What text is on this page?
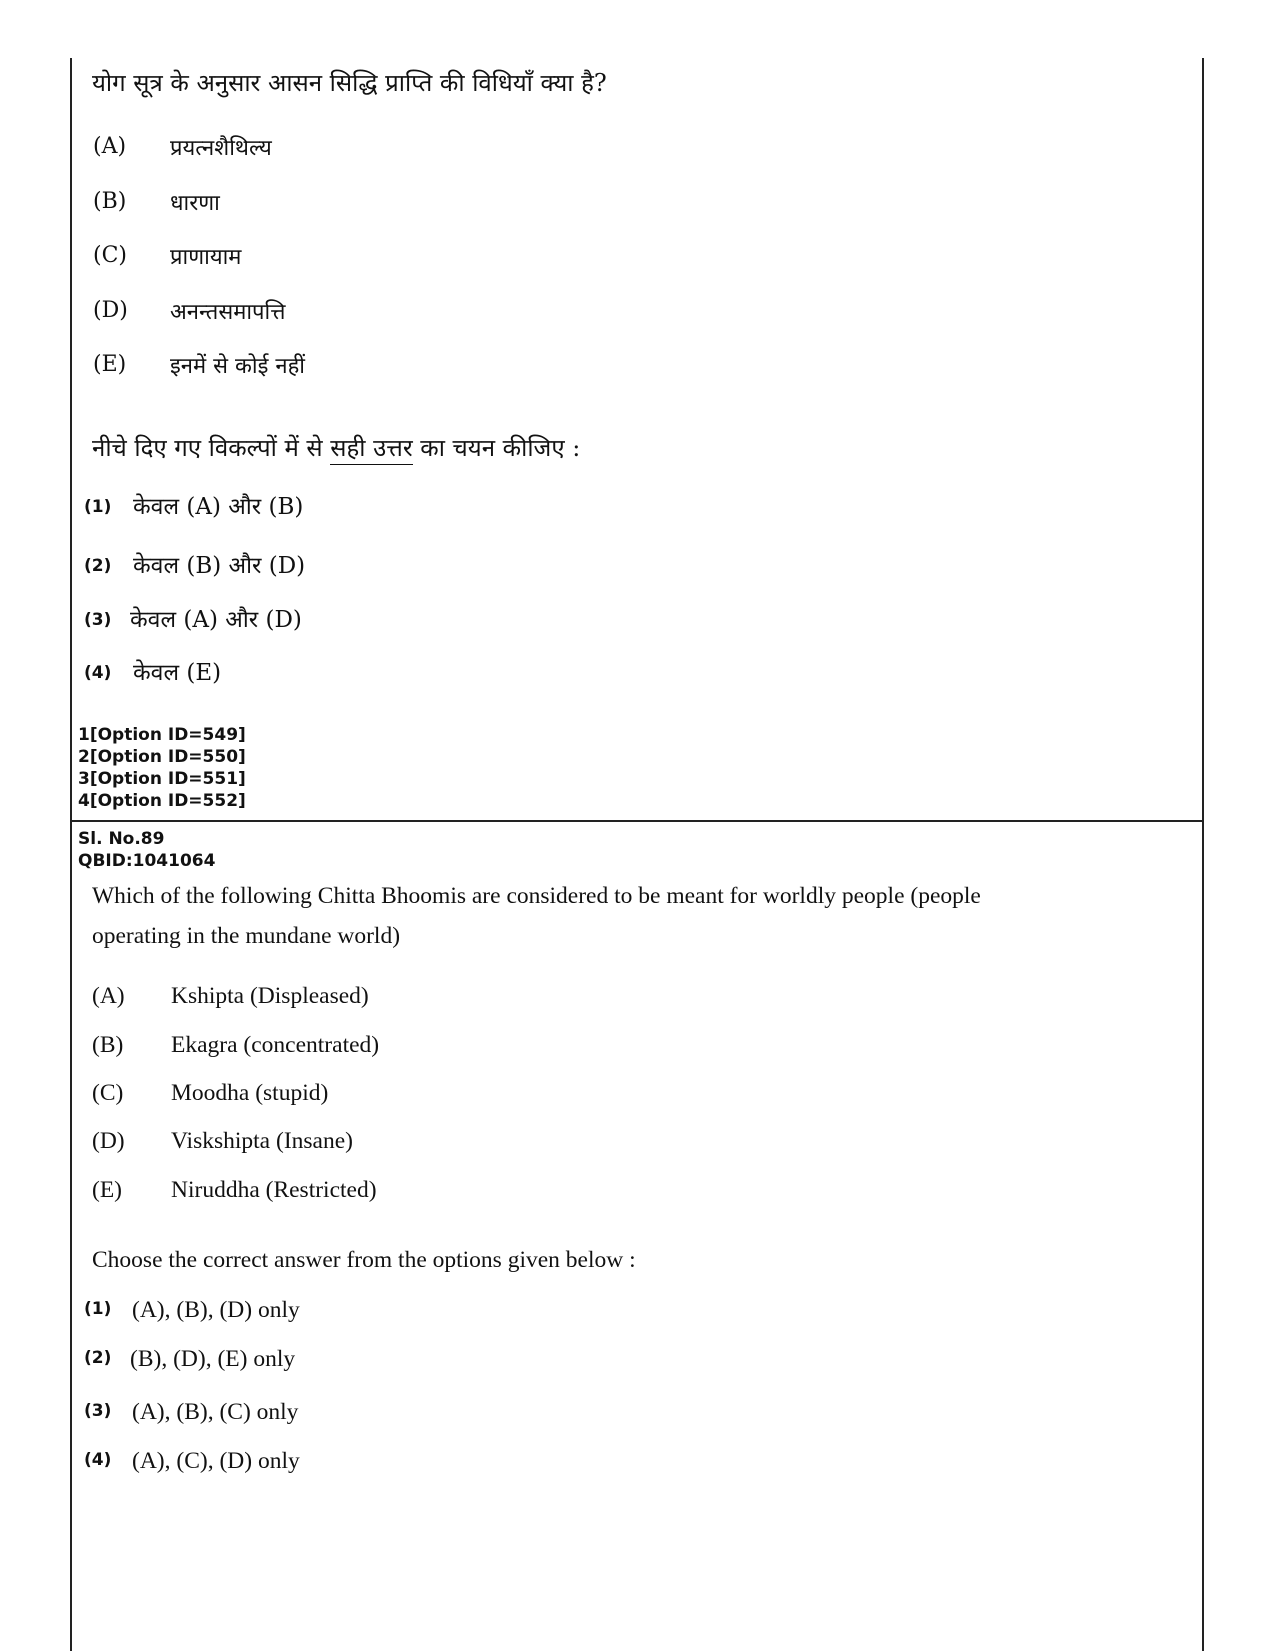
योग सूत्र के अनुसार आसन सिद्धि प्राप्ति की विधियाँ क्या है?
(A) प्रयत्नशैथिल्य
(B) धारणा
(C) प्राणायाम
(D) अनन्तसमापत्ति
(E) इनमें से कोई नहीं
नीचे दिए गए विकल्पों में से सही उत्तर का चयन कीजिए :
(1) केवल (A) और (B)
(2) केवल (B) और (D)
(3) केवल (A) और (D)
(4) केवल (E)
1[Option ID=549]
2[Option ID=550]
3[Option ID=551]
4[Option ID=552]
Sl. No.89
QBID:1041064
Which of the following Chitta Bhoomis are considered to be meant for worldly people (people
operating in the mundane world)
(A) Kshipta (Displeased)
(B) Ekagra (concentrated)
(C) Moodha (stupid)
(D) Viskshipta (Insane)
(E) Niruddha (Restricted)
Choose the correct answer from the options given below :
(1) (A), (B), (D) only
(2) (B), (D), (E) only
(3) (A), (B), (C) only
(4) (A), (C), (D) only
